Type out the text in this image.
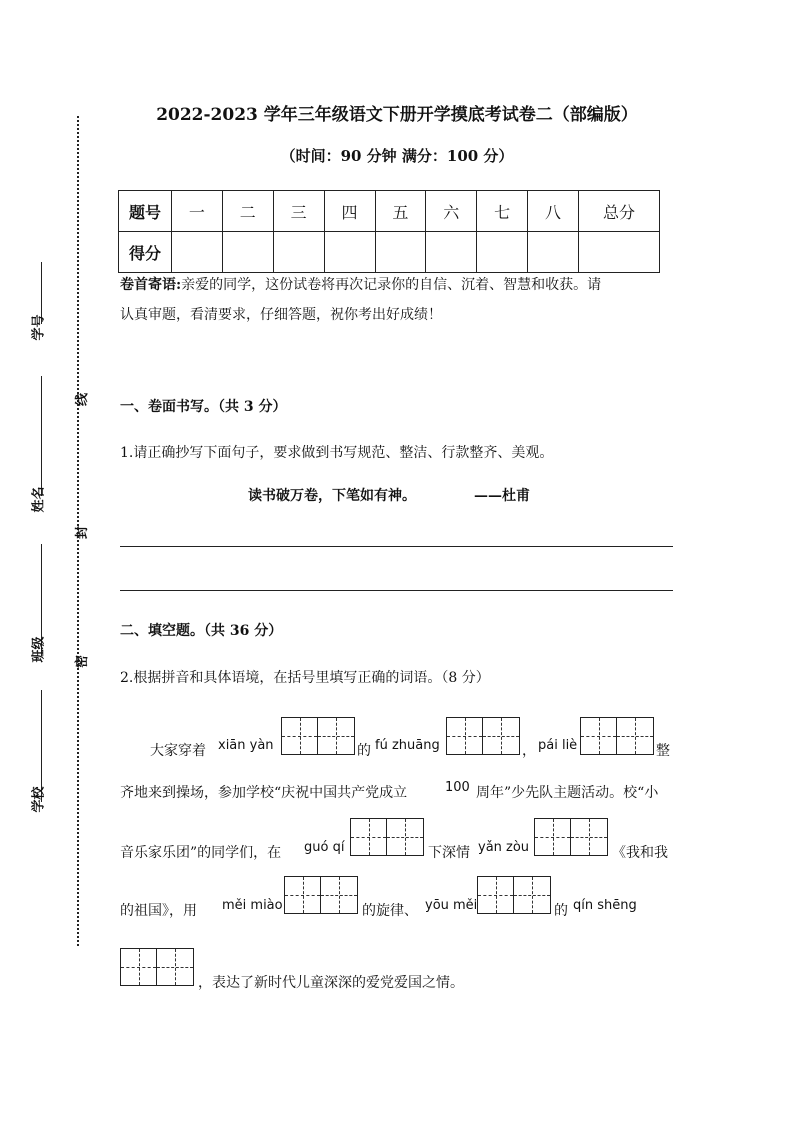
学号
姓名
班级
学校
线
封
密
2022-2023 学年三年级语文下册开学摸底考试卷二（部编版）
（时间：90 分钟 满分：100 分）
题号	一	二	三	四	五	六	七	八	总分
得分									
卷首寄语:亲爱的同学，这份试卷将再次记录你的自信、沉着、智慧和收获。请
认真审题，看清要求，仔细答题，祝你考出好成绩！
一、卷面书写。（共 3 分）
1.请正确抄写下面句子，要求做到书写规范、整洁、行款整齐、美观。
读书破万卷，下笔如有神。	——杜甫
二、填空题。（共 36 分）
2.根据拼音和具体语境，在括号里填写正确的词语。（8 分）
大家穿着 xiān yàn	的 fú zhuāng	， pái liè	整
齐地来到操场，参加学校“庆祝中国共产党成立	100 周年”少先队主题活动。校“小
音乐家乐团”的同学们，在 guó qí	下深情 yǎn zòu	《我和我
的祖国》，用 měi miào	的旋律、 yōu měi	的 qín shēng
，表达了新时代儿童深深的爱党爱国之情。
